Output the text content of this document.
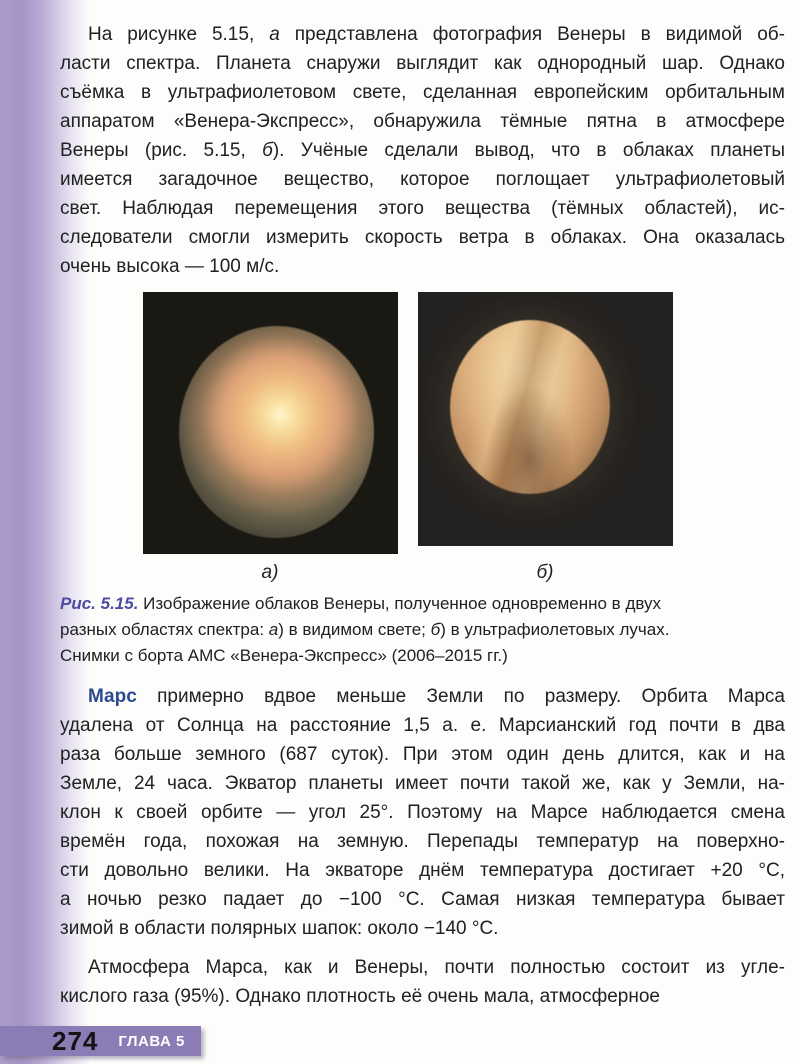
На рисунке 5.15, а представлена фотография Венеры в видимой об-
ласти спектра. Планета снаружи выглядит как однородный шар. Однако
съёмка в ультрафиолетовом свете, сделанная европейским орбитальным
аппаратом «Венера-Экспресс», обнаружила тёмные пятна в атмосфере
Венеры (рис. 5.15, б). Учёные сделали вывод, что в облаках планеты
имеется загадочное вещество, которое поглощает ультрафиолетовый
свет. Наблюдая перемещения этого вещества (тёмных областей), ис-
следователи смогли измерить скорость ветра в облаках. Она оказалась
очень высока — 100 м/с.
а)	б)
Рис. 5.15. Изображение облаков Венеры, полученное одновременно в двух
разных областях спектра: а) в видимом свете; б) в ультрафиолетовых лучах.
Снимки с борта АМС «Венера-Экспресс» (2006–2015 гг.)
Марс примерно вдвое меньше Земли по размеру. Орбита Марса
удалена от Солнца на расстояние 1,5 а. е. Марсианский год почти в два
раза больше земного (687 суток). При этом один день длится, как и на
Земле, 24 часа. Экватор планеты имеет почти такой же, как у Земли, на-
клон к своей орбите — угол 25°. Поэтому на Марсе наблюдается смена
времён года, похожая на земную. Перепады температур на поверхно-
сти довольно велики. На экваторе днём температура достигает +20 °С,
а ночью резко падает до −100 °С. Самая низкая температура бывает
зимой в области полярных шапок: около −140 °С.
Атмосфера Марса, как и Венеры, почти полностью состоит из угле-
кислого газа (95%). Однако плотность её очень мала, атмосферное
274 ГЛАВА 5
